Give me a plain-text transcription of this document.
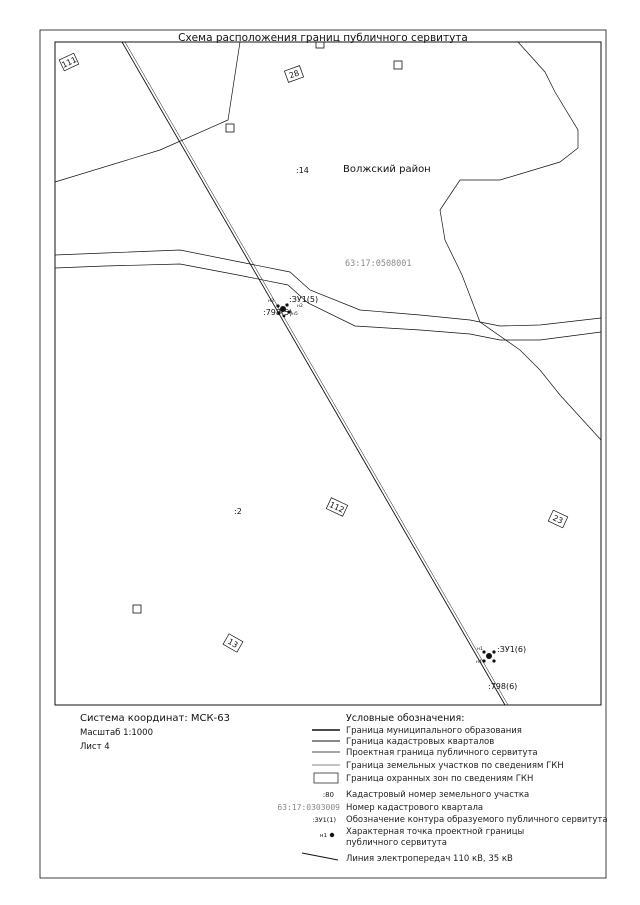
Схема расположения границ публичного сервитута
111
28
112
23
13
:14
:2
Волжский район
63:17:0508001
н3
н2
н5
:ЗУ1(5)
:798(5)
н1
н4
:ЗУ1(6)
:798(6)
Система координат: МСК-63
Масштаб 1:1000
Лист 4
Условные обозначения:
Граница муниципального образования
Граница кадастровых кварталов
Проектная граница публичного сервитута
Граница земельных участков по сведениям ГКН
Граница охранных зон по сведениям ГКН
:80 Кадастровый номер земельного участка
63:17:0303009 Номер кадастрового квартала
:ЗУ1(1) Обозначение контура образуемого публичного сервитута
н1 Характерная точка проектной границы
публичного сервитута
Линия электропередач 110 кВ, 35 кВ
